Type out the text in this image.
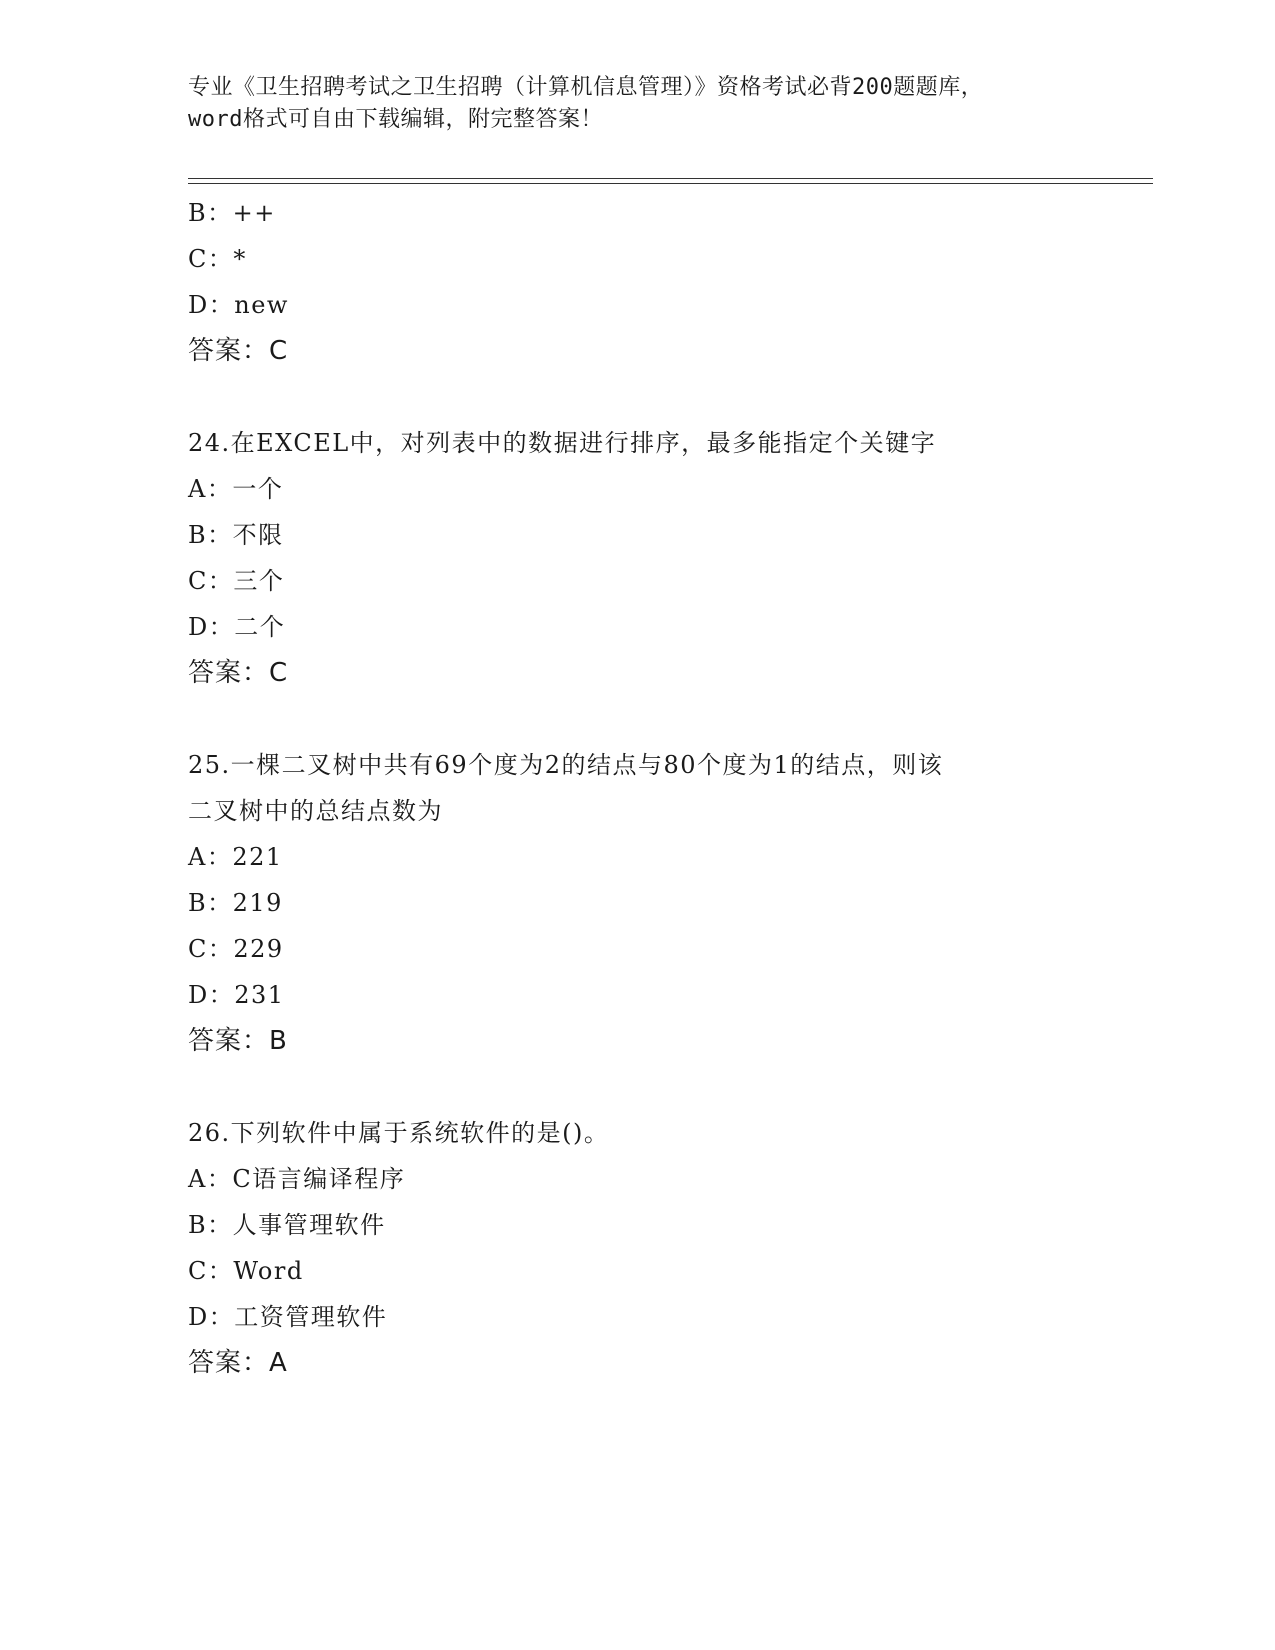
专业《卫生招聘考试之卫生招聘（计算机信息管理）》资格考试必背200题题库，
word格式可自由下载编辑，附完整答案！
B：++
C：*
D：new
答案：C
24.在EXCEL中，对列表中的数据进行排序，最多能指定个关键字
A：一个
B：不限
C：三个
D：二个
答案：C
25.一棵二叉树中共有69个度为2的结点与80个度为1的结点，则该
二叉树中的总结点数为
A：221
B：219
C：229
D：231
答案：B
26.下列软件中属于系统软件的是()。
A：C语言编译程序
B：人事管理软件
C：Word
D：工资管理软件
答案：A
